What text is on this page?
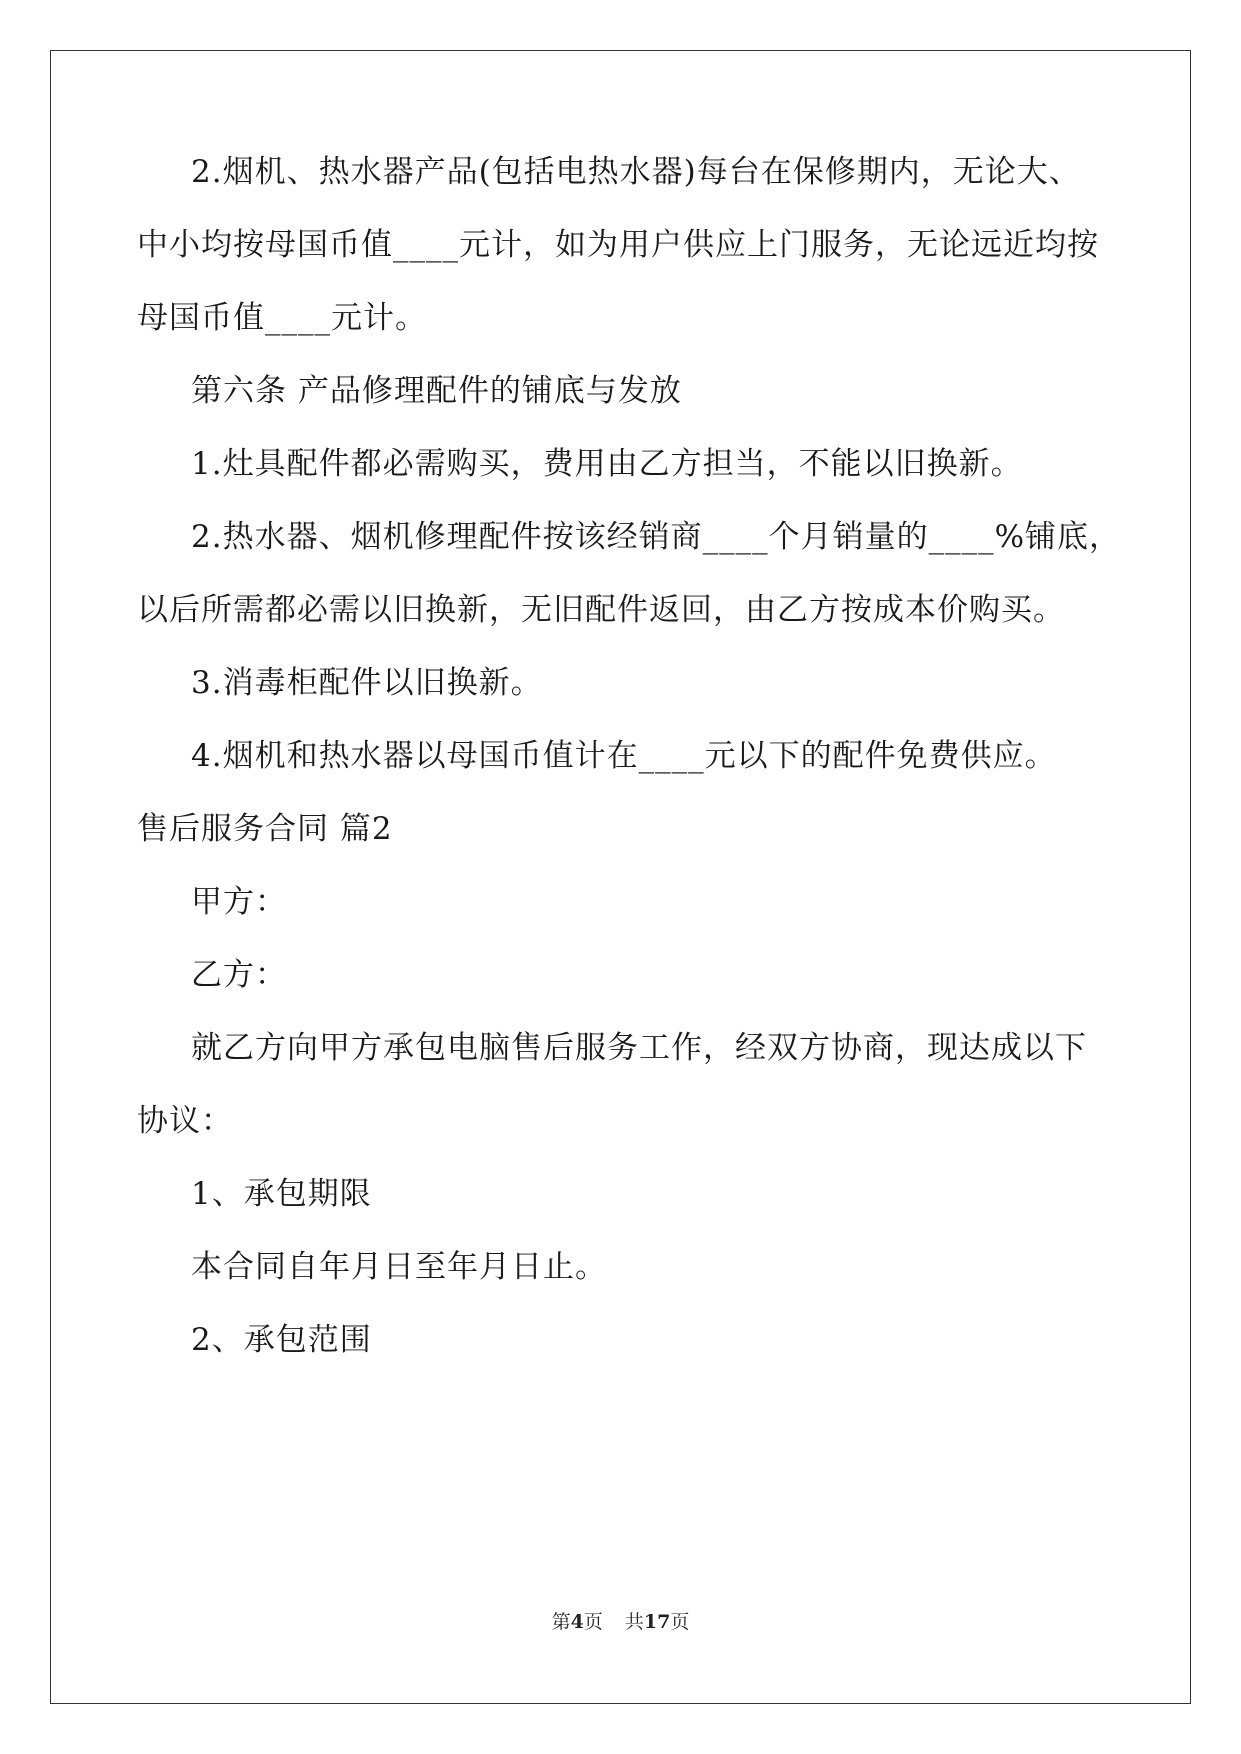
2.烟机、热水器产品(包括电热水器)每台在保修期内，无论大、
中小均按母国币值____元计，如为用户供应上门服务，无论远近均按
母国币值____元计。
第六条 产品修理配件的铺底与发放
1.灶具配件都必需购买，费用由乙方担当，不能以旧换新。
2.热水器、烟机修理配件按该经销商____个月销量的____%铺底，
以后所需都必需以旧换新，无旧配件返回，由乙方按成本价购买。
3.消毒柜配件以旧换新。
4.烟机和热水器以母国币值计在____元以下的配件免费供应。
售后服务合同 篇2
甲方：
乙方：
就乙方向甲方承包电脑售后服务工作，经双方协商，现达成以下
协议：
1、承包期限
本合同自年月日至年月日止。
2、承包范围
第4页 共17页
